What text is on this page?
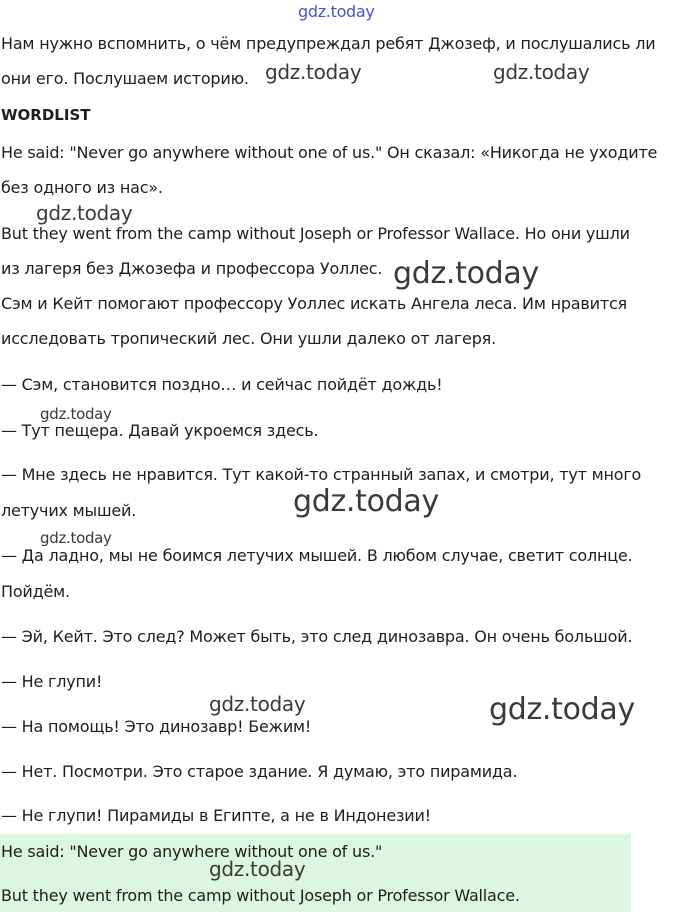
Нам нужно вспомнить, о чём предупреждал ребят Джозеф, и послушались ли

они его. Послушаем историю.

WORDLIST

He said: "Never go anywhere without one of us." Он сказал: «Никогда не уходите

без одного из нас».

But they went from the camp without Joseph or Professor Wallace. Но они ушли

из лагеря без Джозефа и профессора Уоллес.

Сэм и Кейт помогают профессору Уоллес искать Ангела леса. Им нравится

исследовать тропический лес. Они ушли далеко от лагеря.

— Сэм, становится поздно… и сейчас пойдёт дождь!

— Тут пещера. Давай укроемся здесь.

— Мне здесь не нравится. Тут какой-то странный запах, и смотри, тут много

летучих мышей.

— Да ладно, мы не боимся летучих мышей. В любом случае, светит солнце.

Пойдём.

— Эй, Кейт. Это след? Может быть, это след динозавра. Он очень большой.

— Не глупи!

— На помощь! Это динозавр! Бежим!

— Нет. Посмотри. Это старое здание. Я думаю, это пирамида.

— Не глупи! Пирамиды в Египте, а не в Индонезии!

He said: "Never go anywhere without one of us."

But they went from the camp without Joseph or Professor Wallace.

gdz.today
gdz.today	gdz.today
gdz.today
gdz.today
gdz.today
gdz.today
gdz.today
gdz.today	gdz.today
gdz.today
